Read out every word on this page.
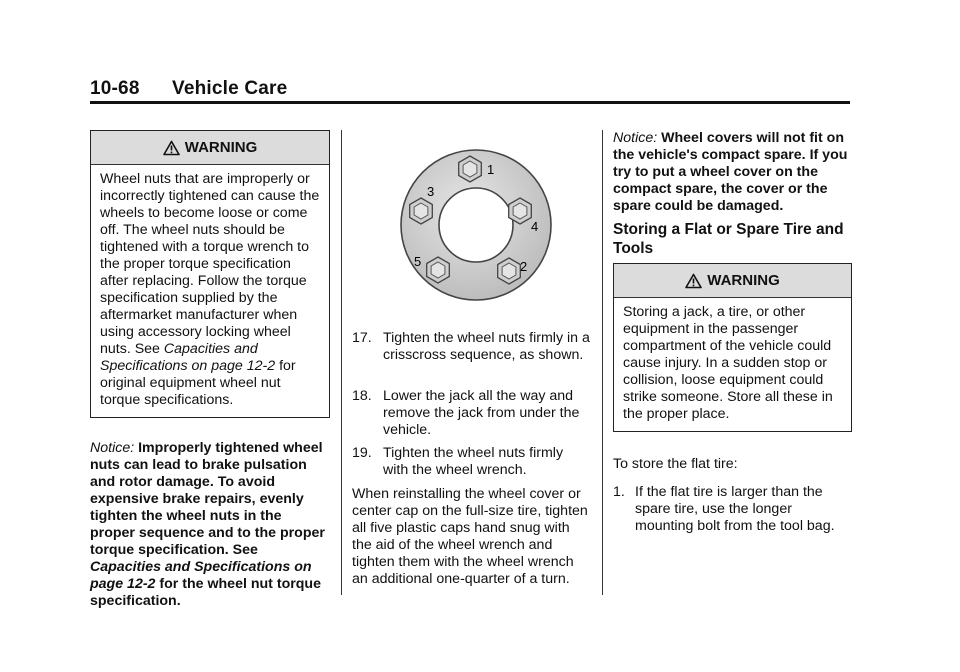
10-68 Vehicle Care
WARNING
Wheel nuts that are improperly or incorrectly tightened can cause the wheels to become loose or come off. The wheel nuts should be tightened with a torque wrench to the proper torque specification after replacing. Follow the torque specification supplied by the aftermarket manufacturer when using accessory locking wheel nuts. See Capacities and Specifications on page 12-2 for original equipment wheel nut torque specifications.
Notice: Improperly tightened wheel nuts can lead to brake pulsation and rotor damage. To avoid expensive brake repairs, evenly tighten the wheel nuts in the proper sequence and to the proper torque specification. See Capacities and Specifications on page 12-2 for the wheel nut torque specification.
1
2
3
4
5
17. Tighten the wheel nuts firmly in a crisscross sequence, as shown.
18. Lower the jack all the way and remove the jack from under the vehicle.
19. Tighten the wheel nuts firmly with the wheel wrench.
When reinstalling the wheel cover or center cap on the full-size tire, tighten all five plastic caps hand snug with the aid of the wheel wrench and tighten them with the wheel wrench an additional one-quarter of a turn.
Notice: Wheel covers will not fit on the vehicle's compact spare. If you try to put a wheel cover on the compact spare, the cover or the spare could be damaged.
Storing a Flat or Spare Tire and Tools
WARNING
Storing a jack, a tire, or other equipment in the passenger compartment of the vehicle could cause injury. In a sudden stop or collision, loose equipment could strike someone. Store all these in the proper place.
To store the flat tire:
1. If the flat tire is larger than the spare tire, use the longer mounting bolt from the tool bag.
